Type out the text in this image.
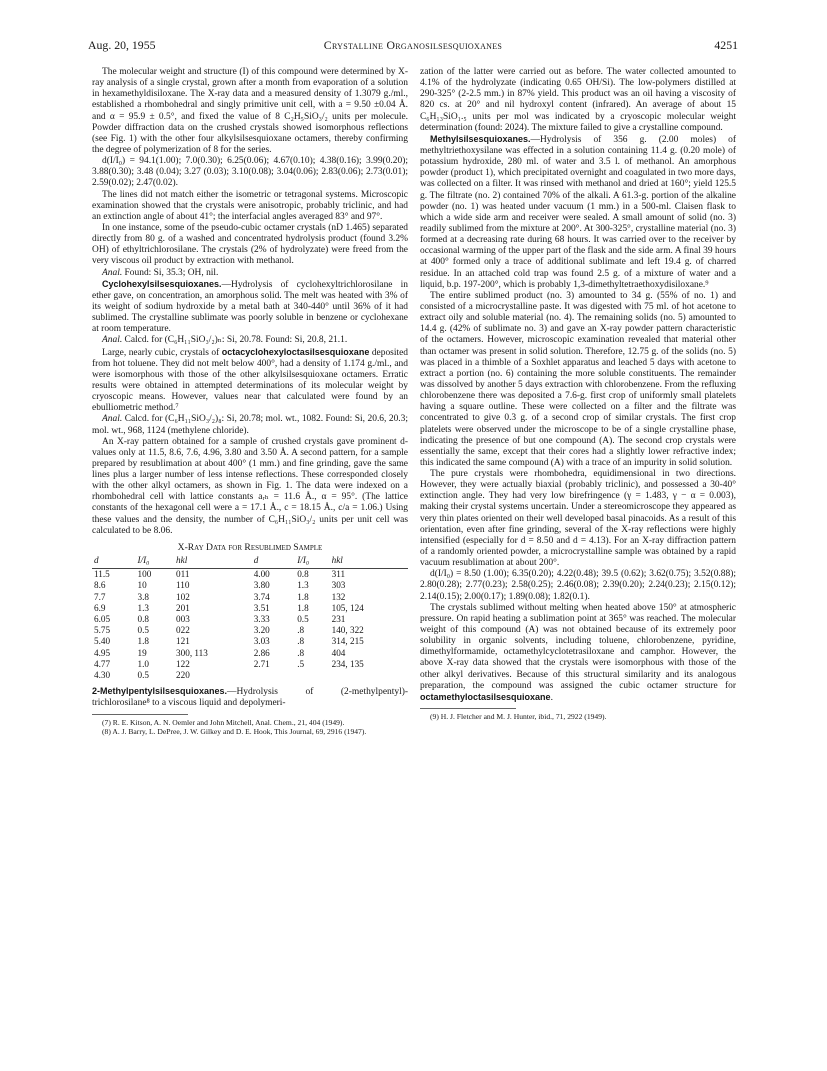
Aug. 20, 1955	Crystalline Organosilsesquioxanes	4251

The molecular weight and structure (I) of this compound were determined by X-ray analysis of a single crystal, grown after a month from evaporation of a solution in hexamethyldisiloxane. The X-ray data and a measured density of 1.3079 g./ml., established a rhombohedral and singly primitive unit cell, with a = 9.50 ±0.04 Å. and α = 95.9 ± 0.5°, and fixed the value of 8 C₂H₅SiO₃/₂ units per molecule. Powder diffraction data on the crushed crystals showed isomorphous reflections (see Fig. 1) with the other four alkylsilsesquioxane octamers, thereby confirming the degree of polymerization of 8 for the series.

d(I/I₀) = 94.1(1.00); 7.0(0.30); 6.25(0.06); 4.67(0.10); 4.38(0.16); 3.99(0.20); 3.88(0.30); 3.48 (0.04); 3.27 (0.03); 3.10(0.08); 3.04(0.06); 2.83(0.06); 2.73(0.01); 2.59(0.02); 2.47(0.02).

The lines did not match either the isometric or tetragonal systems. Microscopic examination showed that the crystals were anisotropic, probably triclinic, and had an extinction angle of about 41°; the interfacial angles averaged 83° and 97°.

In one instance, some of the pseudo-cubic octamer crystals (nD 1.465) separated directly from 80 g. of a washed and concentrated hydrolysis product (found 3.2% OH) of ethyltrichlorosilane. The crystals (2% of hydrolyzate) were freed from the very viscous oil product by extraction with methanol.

Anal. Found: Si, 35.3; OH, nil.

Cyclohexylsilsesquioxanes.—Hydrolysis of cyclohexyltrichlorosilane in ether gave, on concentration, an amorphous solid. The melt was heated with 3% of its weight of sodium hydroxide by a metal bath at 340-440° until 36% of it had sublimed. The crystalline sublimate was poorly soluble in benzene or cyclohexane at room temperature.

Anal. Calcd. for (C₆H₁₁SiO₃/₂)ₙ: Si, 20.78. Found: Si, 20.8, 21.1.

Large, nearly cubic, crystals of octacyclohexyloctasilsesquioxane deposited from hot toluene. They did not melt below 400°, had a density of 1.174 g./ml., and were isomorphous with those of the other alkylsilsesquioxane octamers. Erratic results were obtained in attempted determinations of its molecular weight by cryoscopic means. However, values near that calculated were found by an ebulliometric method.⁷

Anal. Calcd. for (C₆H₁₁SiO₃/₂)₈: Si, 20.78; mol. wt., 1082. Found: Si, 20.6, 20.3; mol. wt., 968, 1124 (methylene chloride).

An X-ray pattern obtained for a sample of crushed crystals gave prominent d-values only at 11.5, 8.6, 7.6, 4.96, 3.80 and 3.50 Å. A second pattern, for a sample prepared by resublimation at about 400° (1 mm.) and fine grinding, gave the same lines plus a larger number of less intense reflections. These corresponded closely with the other alkyl octamers, as shown in Fig. 1. The data were indexed on a rhombohedral cell with lattice constants aᵣₕ = 11.6 Å., α = 95°. (The lattice constants of the hexagonal cell were a = 17.1 Å., c = 18.15 Å., c/a = 1.06.) Using these values and the density, the number of C₆H₁₁SiO₃/₂ units per unit cell was calculated to be 8.06.

X-Ray Data for Resublimed Sample
d	I/I₀	hkl	d	I/I₀	hkl
11.5	100	011	4.00	0.8	311
8.6	10	110	3.80	1.3	303
7.7	3.8	102	3.74	1.8	132
6.9	1.3	201	3.51	1.8	105, 124
6.05	0.8	003	3.33	0.5	231
5.75	0.5	022	3.20	.8	140, 322
5.40	1.8	121	3.03	.8	314, 215
4.95	19	300, 113	2.86	.8	404
4.77	1.0	122	2.71	.5	234, 135
4.30	0.5	220			

2-Methylpentylsilsesquioxanes.—Hydrolysis of (2-methylpentyl)-trichlorosilane⁸ to a viscous liquid and depolymeri-

(7) R. E. Kitson, A. N. Oemler and John Mitchell, Anal. Chem., 21, 404 (1949).

(8) A. J. Barry, L. DePree, J. W. Gilkey and D. E. Hook, This Journal, 69, 2916 (1947).

zation of the latter were carried out as before. The water collected amounted to 4.1% of the hydrolyzate (indicating 0.65 OH/Si). The low-polymers distilled at 290-325° (2-2.5 mm.) in 87% yield. This product was an oil having a viscosity of 820 cs. at 20° and nil hydroxyl content (infrared). An average of about 15 C₆H₁₃SiO₁.₅ units per mol was indicated by a cryoscopic molecular weight determination (found: 2024). The mixture failed to give a crystalline compound.

Methylsilsesquioxanes.—Hydrolysis of 356 g. (2.00 moles) of methyltriethoxysilane was effected in a solution containing 11.4 g. (0.20 mole) of potassium hydroxide, 280 ml. of water and 3.5 l. of methanol. An amorphous powder (product 1), which precipitated overnight and coagulated in two more days, was collected on a filter. It was rinsed with methanol and dried at 160°; yield 125.5 g. The filtrate (no. 2) contained 70% of the alkali. A 61.3-g. portion of the alkaline powder (no. 1) was heated under vacuum (1 mm.) in a 500-ml. Claisen flask to which a wide side arm and receiver were sealed. A small amount of solid (no. 3) readily sublimed from the mixture at 200°. At 300-325°, crystalline material (no. 3) formed at a decreasing rate during 68 hours. It was carried over to the receiver by occasional warming of the upper part of the flask and the side arm. A final 39 hours at 400° formed only a trace of additional sublimate and left 19.4 g. of charred residue. In an attached cold trap was found 2.5 g. of a mixture of water and a liquid, b.p. 197-200°, which is probably 1,3-dimethyltetraethoxydisiloxane.⁹

The entire sublimed product (no. 3) amounted to 34 g. (55% of no. 1) and consisted of a microcrystalline paste. It was digested with 75 ml. of hot acetone to extract oily and soluble material (no. 4). The remaining solids (no. 5) amounted to 14.4 g. (42% of sublimate no. 3) and gave an X-ray powder pattern characteristic of the octamers. However, microscopic examination revealed that material other than octamer was present in solid solution. Therefore, 12.75 g. of the solids (no. 5) was placed in a thimble of a Soxhlet apparatus and leached 5 days with acetone to extract a portion (no. 6) containing the more soluble constituents. The remainder was dissolved by another 5 days extraction with chlorobenzene. From the refluxing chlorobenzene there was deposited a 7.6-g. first crop of uniformly small platelets having a square outline. These were collected on a filter and the filtrate was concentrated to give 0.3 g. of a second crop of similar crystals. The first crop platelets were observed under the microscope to be of a single crystalline phase, indicating the presence of but one compound (A). The second crop crystals were essentially the same, except that their cores had a slightly lower refractive index; this indicated the same compound (A) with a trace of an impurity in solid solution.

The pure crystals were rhombohedra, equidimensional in two directions. However, they were actually biaxial (probably triclinic), and possessed a 30-40° extinction angle. They had very low birefringence (γ = 1.483, γ − α = 0.003), making their crystal systems uncertain. Under a stereomicroscope they appeared as very thin plates oriented on their well developed basal pinacoids. As a result of this orientation, even after fine grinding, several of the X-ray reflections were highly intensified (especially for d = 8.50 and d = 4.13). For an X-ray diffraction pattern of a randomly oriented powder, a microcrystalline sample was obtained by a rapid vacuum resublimation at about 200°.

d(I/I₀) = 8.50 (1.00); 6.35(0.20); 4.22(0.48); 39.5 (0.62); 3.62(0.75); 3.52(0.88); 2.80(0.28); 2.77(0.23); 2.58(0.25); 2.46(0.08); 2.39(0.20); 2.24(0.23); 2.15(0.12); 2.14(0.15); 2.00(0.17); 1.89(0.08); 1.82(0.1).

The crystals sublimed without melting when heated above 150° at atmospheric pressure. On rapid heating a sublimation point at 365° was reached. The molecular weight of this compound (A) was not obtained because of its extremely poor solubility in organic solvents, including toluene, chlorobenzene, pyridine, dimethylformamide, octamethylcyclotetrasiloxane and camphor. However, the above X-ray data showed that the crystals were isomorphous with those of the other alkyl derivatives. Because of this structural similarity and its analogous preparation, the compound was assigned the cubic octamer structure for octamethyloctasilsesquioxane.

(9) H. J. Fletcher and M. J. Hunter, ibid., 71, 2922 (1949).
